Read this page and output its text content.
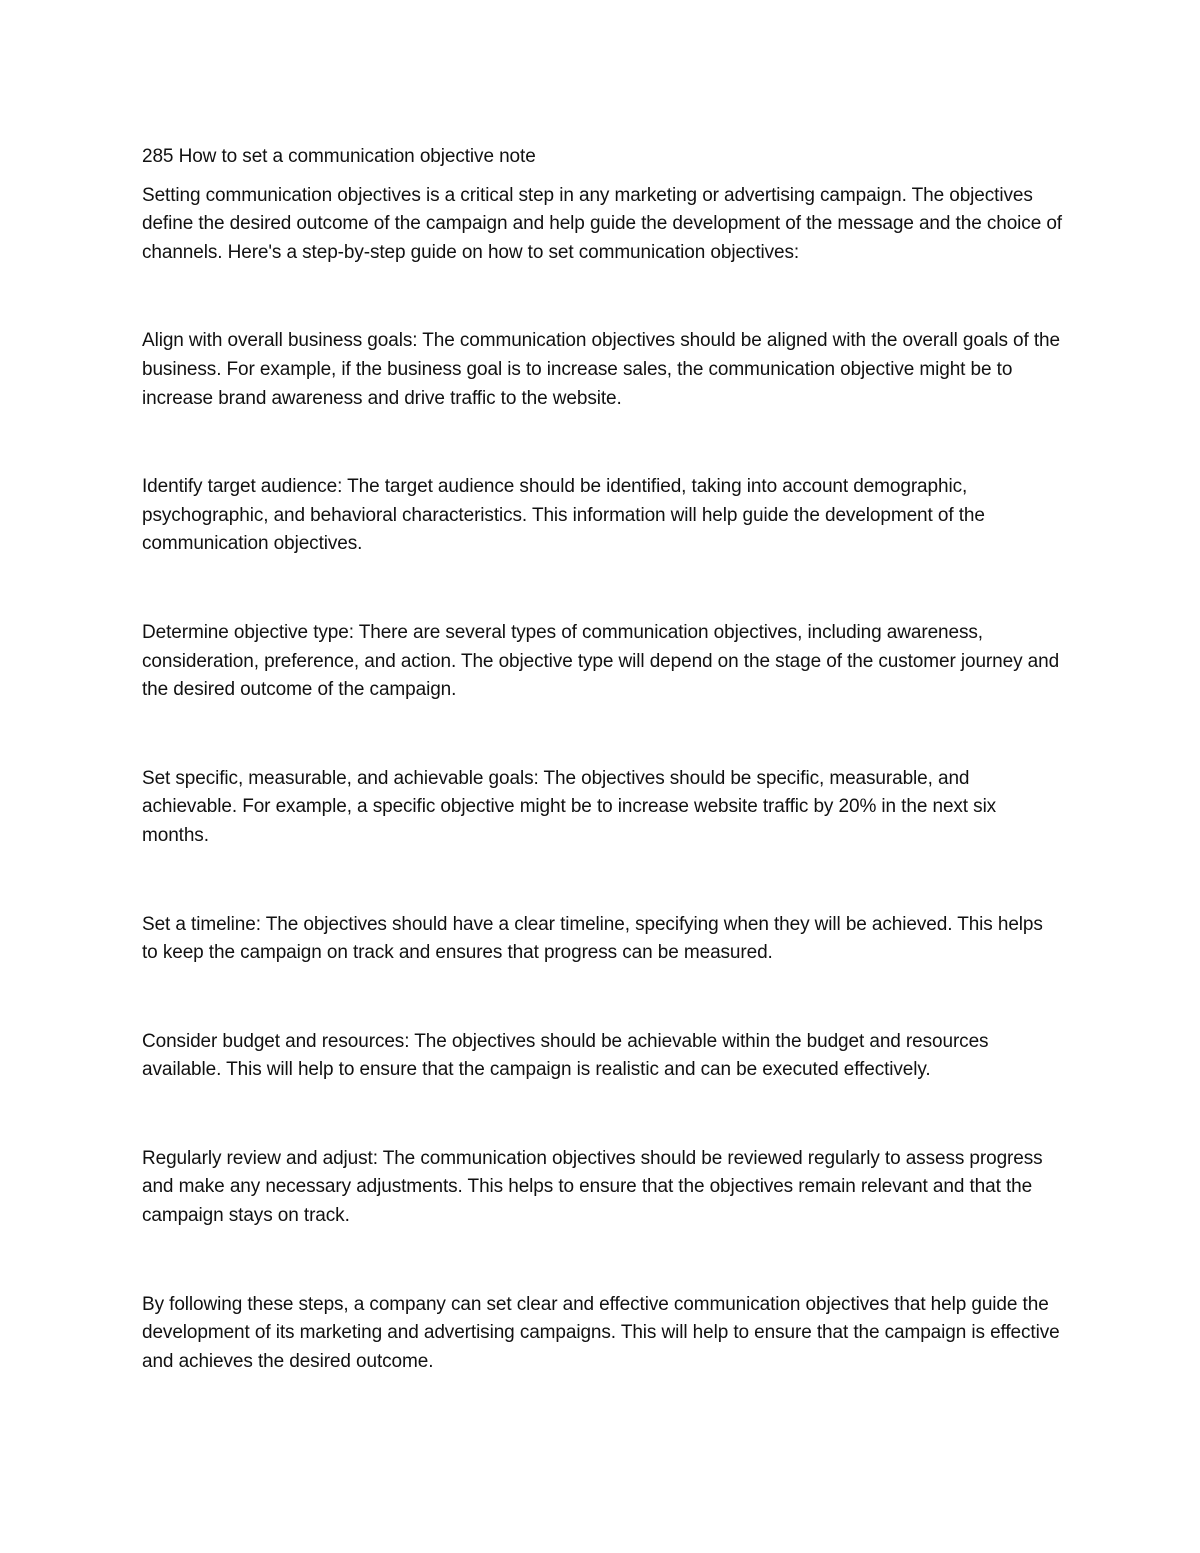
285 How to set a communication objective note

Setting communication objectives is a critical step in any marketing or advertising campaign. The objectives define the desired outcome of the campaign and help guide the development of the message and the choice of channels. Here's a step-by-step guide on how to set communication objectives:

Align with overall business goals: The communication objectives should be aligned with the overall goals of the business. For example, if the business goal is to increase sales, the communication objective might be to increase brand awareness and drive traffic to the website.

Identify target audience: The target audience should be identified, taking into account demographic, psychographic, and behavioral characteristics. This information will help guide the development of the communication objectives.

Determine objective type: There are several types of communication objectives, including awareness, consideration, preference, and action. The objective type will depend on the stage of the customer journey and the desired outcome of the campaign.

Set specific, measurable, and achievable goals: The objectives should be specific, measurable, and achievable. For example, a specific objective might be to increase website traffic by 20% in the next six months.

Set a timeline: The objectives should have a clear timeline, specifying when they will be achieved. This helps to keep the campaign on track and ensures that progress can be measured.

Consider budget and resources: The objectives should be achievable within the budget and resources available. This will help to ensure that the campaign is realistic and can be executed effectively.

Regularly review and adjust: The communication objectives should be reviewed regularly to assess progress and make any necessary adjustments. This helps to ensure that the objectives remain relevant and that the campaign stays on track.

By following these steps, a company can set clear and effective communication objectives that help guide the development of its marketing and advertising campaigns. This will help to ensure that the campaign is effective and achieves the desired outcome.
